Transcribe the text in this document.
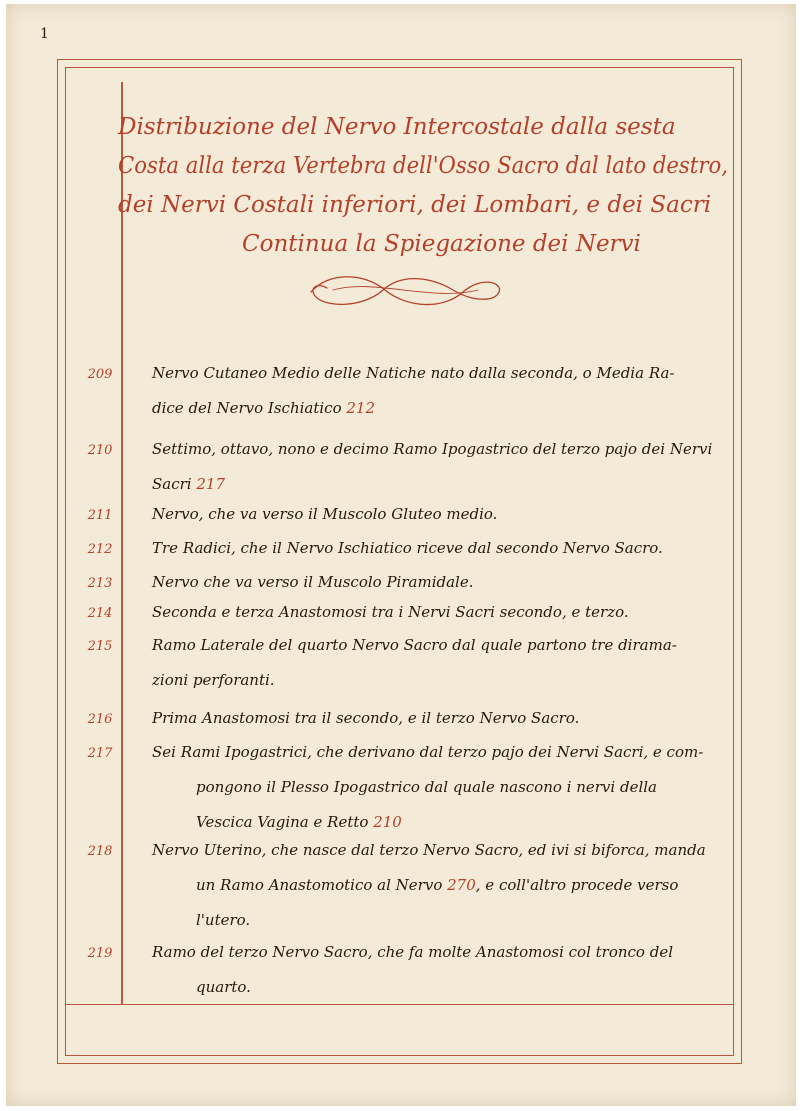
1
Distribuzione del Nervo Intercostale dalla sesta
Costa alla terza Vertebra dell'Osso Sacro dal lato destro,
dei Nervi Costali inferiori, dei Lombari, e dei Sacri
Continua la Spiegazione dei Nervi
209	Nervo Cutaneo Medio delle Natiche nato dalla seconda, o Media Ra-
dice del Nervo Ischiatico 212
210	Settimo, ottavo, nono e decimo Ramo Ipogastrico del terzo pajo dei Nervi
Sacri 217
211	Nervo, che va verso il Muscolo Gluteo medio.
212	Tre Radici, che il Nervo Ischiatico riceve dal secondo Nervo Sacro.
213	Nervo che va verso il Muscolo Piramidale.
214	Seconda e terza Anastomosi tra i Nervi Sacri secondo, e terzo.
215	Ramo Laterale del quarto Nervo Sacro dal quale partono tre dirama-
zioni perforanti.
216	Prima Anastomosi tra il secondo, e il terzo Nervo Sacro.
217	Sei Rami Ipogastrici, che derivano dal terzo pajo dei Nervi Sacri, e com-
pongono il Plesso Ipogastrico dal quale nascono i nervi della
Vescica Vagina e Retto 210
218	Nervo Uterino, che nasce dal terzo Nervo Sacro, ed ivi si biforca, manda
un Ramo Anastomotico al Nervo 270, e coll'altro procede verso
l'utero.
219	Ramo del terzo Nervo Sacro, che fa molte Anastomosi col tronco del
quarto.
